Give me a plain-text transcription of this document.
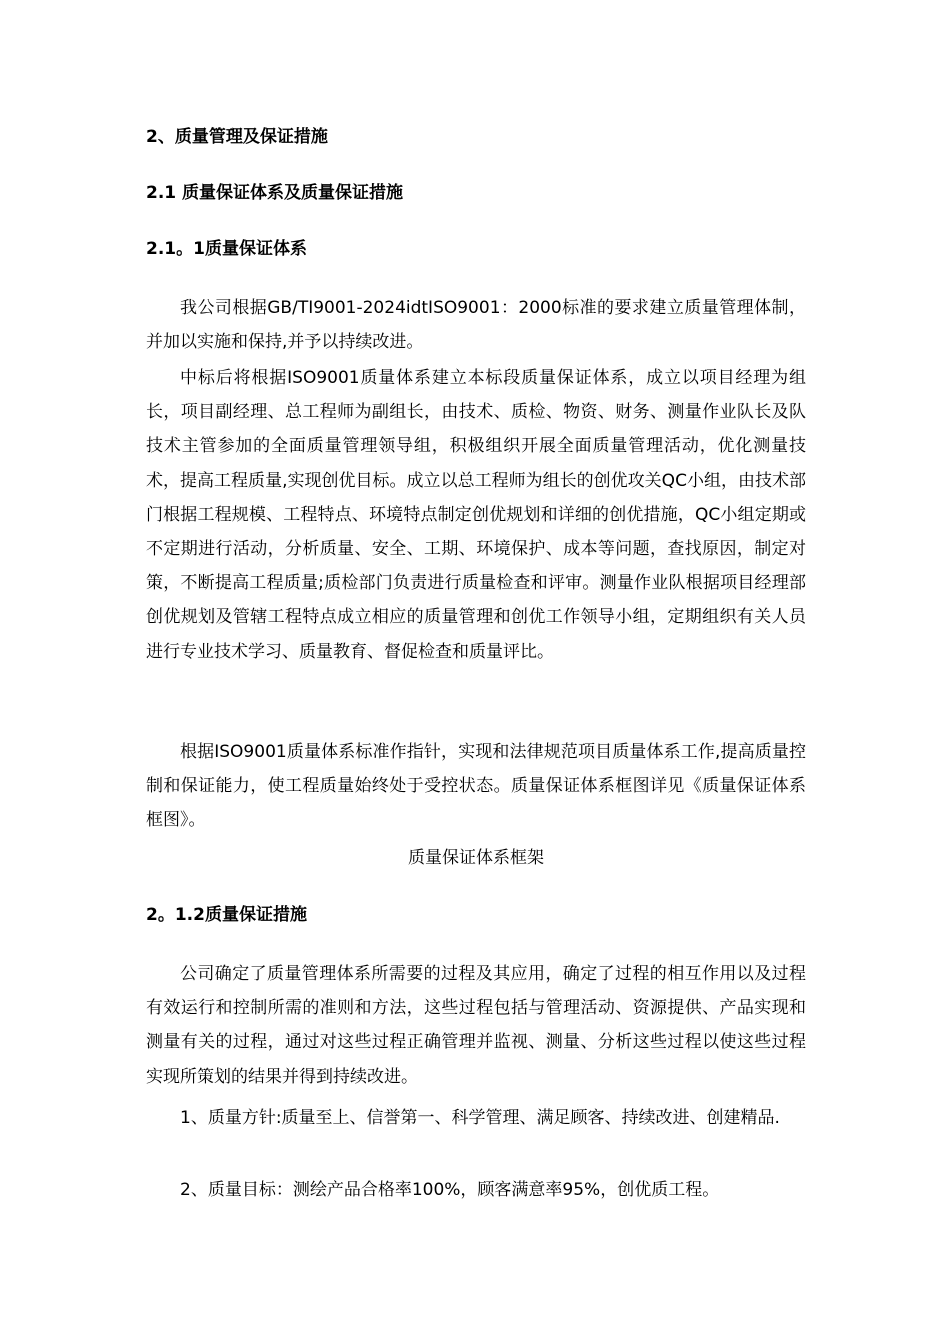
2、质量管理及保证措施
2.1 质量保证体系及质量保证措施
2.1。1质量保证体系

我公司根据GB/TI9001-2024idtISO9001：2000标准的要求建立质量管理体制，并加以实施和保持,并予以持续改进。

中标后将根据ISO9001质量体系建立本标段质量保证体系，成立以项目经理为组长，项目副经理、总工程师为副组长，由技术、质检、物资、财务、测量作业队长及队技术主管参加的全面质量管理领导组，积极组织开展全面质量管理活动，优化测量技术，提高工程质量,实现创优目标。成立以总工程师为组长的创优攻关QC小组，由技术部门根据工程规模、工程特点、环境特点制定创优规划和详细的创优措施，QC小组定期或不定期进行活动，分析质量、安全、工期、环境保护、成本等问题，查找原因，制定对策，不断提高工程质量;质检部门负责进行质量检查和评审。测量作业队根据项目经理部创优规划及管辖工程特点成立相应的质量管理和创优工作领导小组，定期组织有关人员进行专业技术学习、质量教育、督促检查和质量评比。

根据ISO9001质量体系标准作指针，实现和法律规范项目质量体系工作,提高质量控制和保证能力，使工程质量始终处于受控状态。质量保证体系框图详见《质量保证体系框图》。

质量保证体系框架
2。1.2质量保证措施

公司确定了质量管理体系所需要的过程及其应用，确定了过程的相互作用以及过程有效运行和控制所需的准则和方法，这些过程包括与管理活动、资源提供、产品实现和测量有关的过程，通过对这些过程正确管理并监视、测量、分析这些过程以使这些过程实现所策划的结果并得到持续改进。

1、质量方针:质量至上、信誉第一、科学管理、满足顾客、持续改进、创建精品.

2、质量目标：测绘产品合格率100%，顾客满意率95%，创优质工程。
